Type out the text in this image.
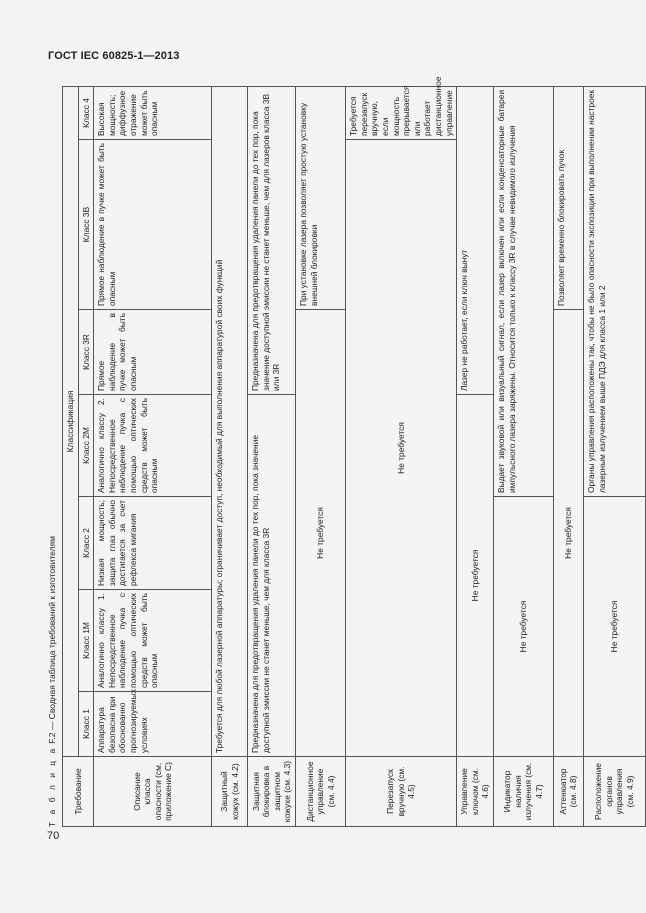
ГОСТ IEC 60825-1—2013
70
Т а б л и ц а F.2 — Сводная таблица требований к изготовителям
Требование	Классификация						
	Класс 1	Класс 1М	Класс 2	Класс 2М	Класс 3R	Класс 3В	Класс 4
Описание класса опасности (см. приложение С)	Аппаратура безопасна при обоснованно прогнозируемых условиях	Аналогично классу 1. Непосредственное наблюдение пучка с помощью оптических средств может быть опасным	Низкая мощность; защита глаз обычно достигается за счет рефлекса мигания	Аналогично классу 2. Непосредственное наблюдение пучка с помощью оптических средств может быть опасным	Прямое наблюдение в пучке может быть опасным	Прямое наблюдение в пучке может быть опасным	Высокая мощность; диффузное отражение может быть опасным
Защитный кожух (см. 4.2)	Требуется для любой лазерной аппаратуры; ограничивает доступ, необходимый для выполнения аппаратурой своих функций						
Защитная блокировка в защитном кожухе (см. 4.3)	Предназначена для предотвращения удаления панели до тех пор, пока значение доступной эмиссии не станет меньше, чем для класса 3R				Предназначена для предотвращения удаления панели до тех пор, пока значение доступной эмиссии не станет меньше, чем для лазеров класса 3В или 3R		
Дистанционное управление (см. 4.4)	Не требуется					При установке лазера позволяет простую установку внешней блокировки	
Перезапуск вручную (см. 4.5)	Не требуется						Требуется перезапуск вручную, если мощность прерывается или работает дистанционное управление
Управление ключом (см. 4.6)	Не требуется				Лазер не работает, если ключ вынут		
Индикатор наличия излучения (см. 4.7)	Не требуется			Выдает звуковой или визуальный сигнал, если лазер включен или если конденсаторные батареи импульсного лазера заряжены. Относится только к классу 3R в случае невидимого излучения			
Аттенюатор (см. 4.8)	Не требуется					Позволяет временно блокировать пучок	
Расположение органов управления (см. 4.9)	Не требуется			Органы управления расположены так, чтобы не было опасности экспозиции при выполнении настроек лазерным излучением выше ПДЭ для класса 1 или 2			
